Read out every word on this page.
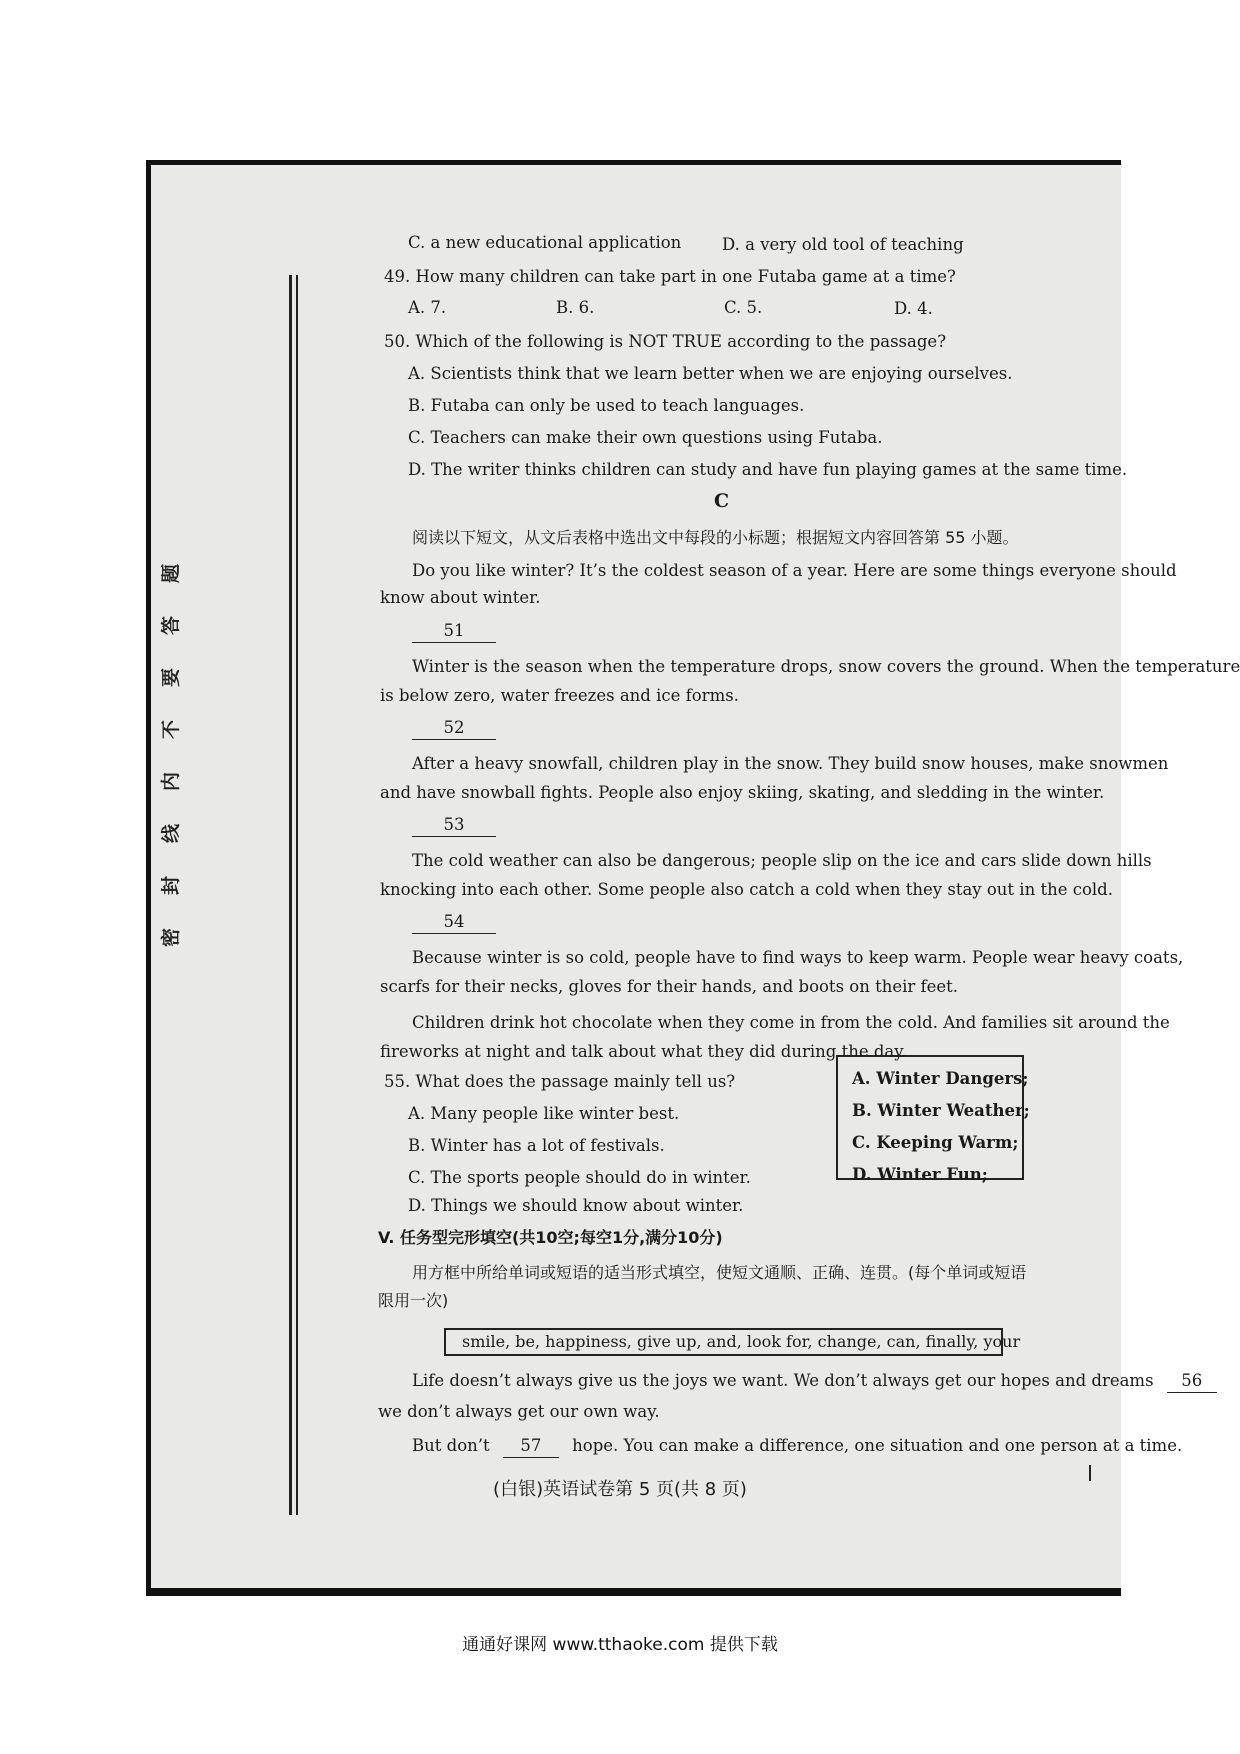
题
答
要
不
内
线
封
密
C. a new educational application D. a very old tool of teaching
49. How many children can take part in one Futaba game at a time?
A. 7.	B. 6.	C. 5.	D. 4.
50. Which of the following is NOT TRUE according to the passage?
A. Scientists think that we learn better when we are enjoying ourselves.
B. Futaba can only be used to teach languages.
C. Teachers can make their own questions using Futaba.
D. The writer thinks children can study and have fun playing games at the same time.
C
阅读以下短文，从文后表格中选出文中每段的小标题；根据短文内容回答第 55 小题。
Do you like winter? It’s the coldest season of a year. Here are some things everyone should
know about winter.
51
Winter is the season when the temperature drops, snow covers the ground. When the temperature
is below zero, water freezes and ice forms.
52
After a heavy snowfall, children play in the snow. They build snow houses, make snowmen
and have snowball fights. People also enjoy skiing, skating, and sledding in the winter.
53
The cold weather can also be dangerous; people slip on the ice and cars slide down hills
knocking into each other. Some people also catch a cold when they stay out in the cold.
54
Because winter is so cold, people have to find ways to keep warm. People wear heavy coats,
scarfs for their necks, gloves for their hands, and boots on their feet.
Children drink hot chocolate when they come in from the cold. And families sit around the
fireworks at night and talk about what they did during the day.
A. Winter Dangers;
B. Winter Weather;
C. Keeping Warm;
D. Winter Fun;
55. What does the passage mainly tell us?
A. Many people like winter best.
B. Winter has a lot of festivals.
C. The sports people should do in winter.
D. Things we should know about winter.
V. 任务型完形填空(共10空;每空1分,满分10分)
用方框中所给单词或短语的适当形式填空，使短文通顺、正确、连贯。(每个单词或短语
限用一次)
smile, be, happiness, give up, and, look for, change, can, finally, your
Life doesn’t always give us the joys we want. We don’t always get our hopes and dreams 56
we don’t always get our own way.
But don’t 57 hope. You can make a difference, one situation and one person at a time.
(白银)英语试卷第 5 页(共 8 页)
通通好课网 www.tthaoke.com 提供下载
